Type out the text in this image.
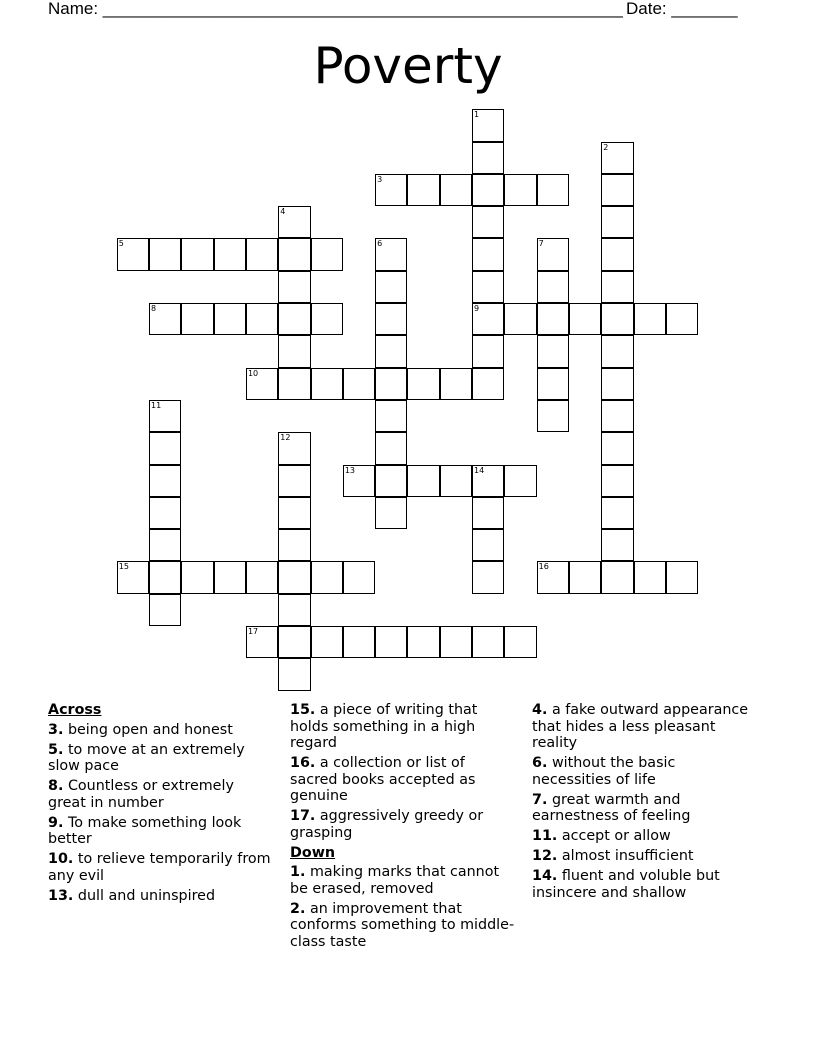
Name: _______________________________________________________ Date: _______
Poverty
1
9
2
3
4
5	6	7
8
10
11
12
13	14
15	16
17
Across
3. being open and honest
5. to move at an extremely slow pace
8. Countless or extremely great in number
9. To make something look better
10. to relieve temporarily from any evil
13. dull and uninspired
15. a piece of writing that holds something in a high regard
16. a collection or list of sacred books accepted as genuine
17. aggressively greedy or grasping
Down
1. making marks that cannot be erased, removed
2. an improvement that conforms something to middle-class taste
4. a fake outward appearance that hides a less pleasant reality
6. without the basic necessities of life
7. great warmth and earnestness of feeling
11. accept or allow
12. almost insufficient
14. fluent and voluble but insincere and shallow
